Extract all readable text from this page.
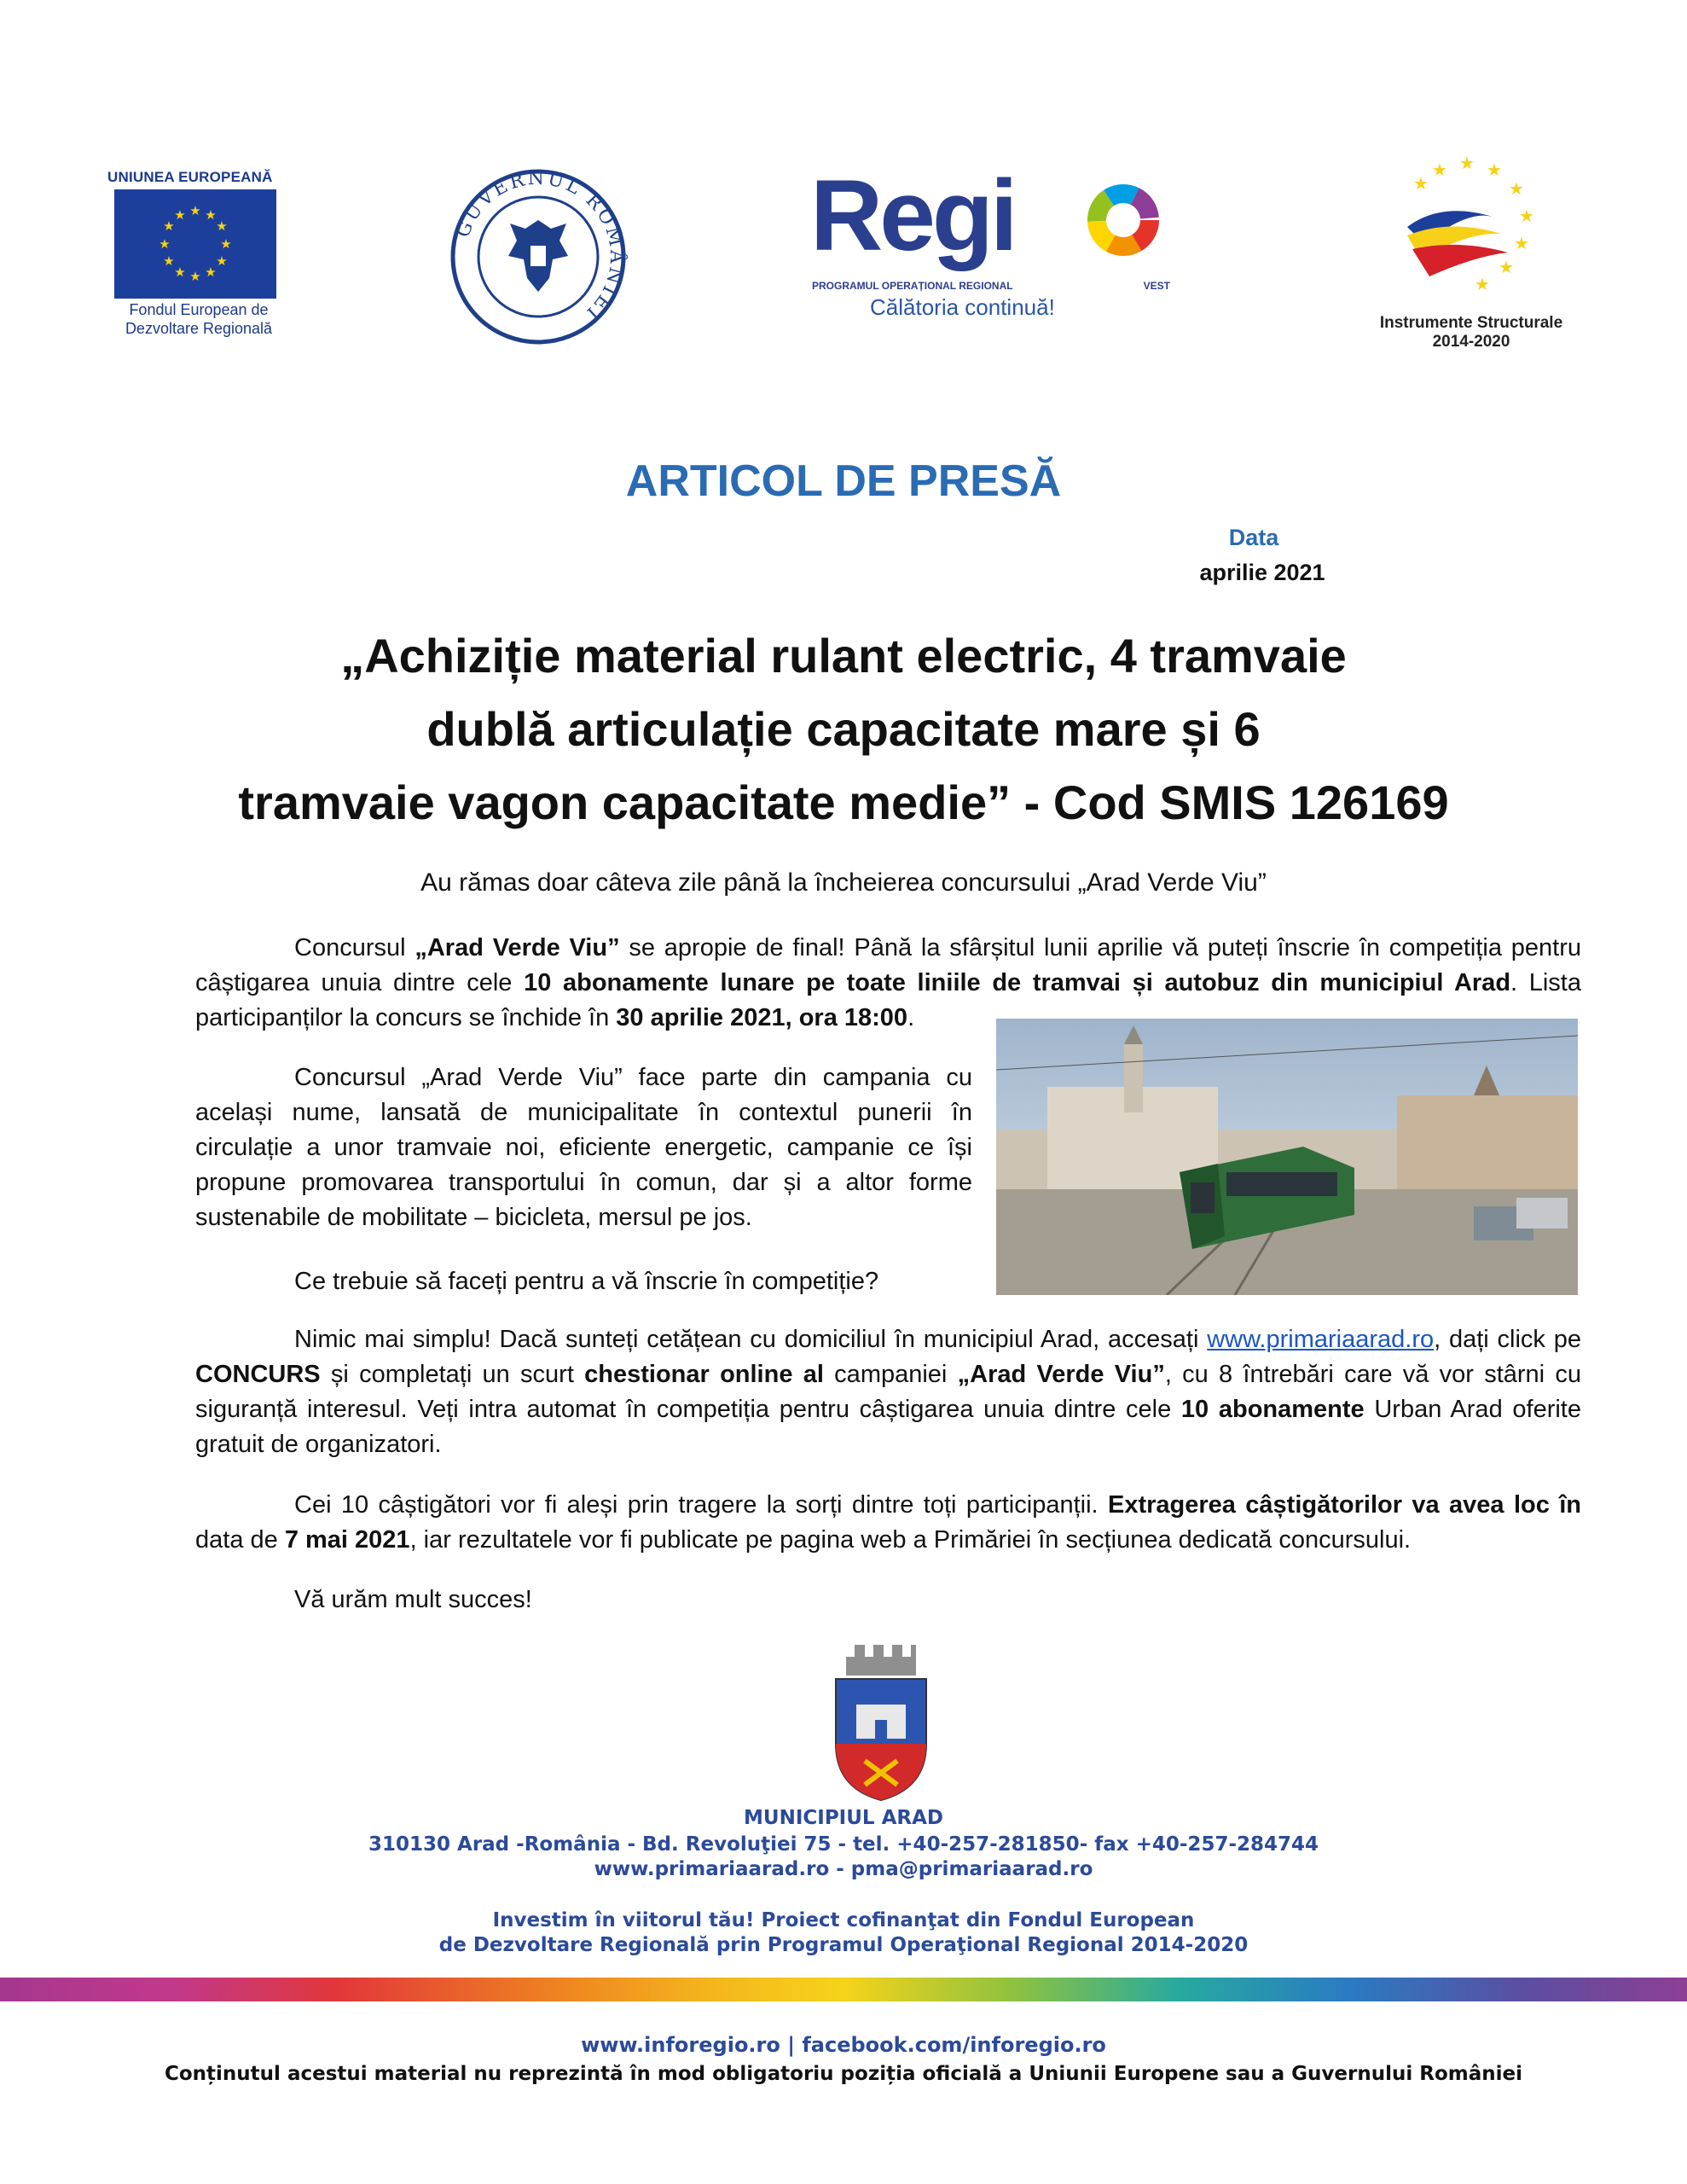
UNIUNEA EUROPEANĂ
★ ★
★
★
★
★
★
★
★
★
★
★
Fondul European de
Dezvoltare Regională
GUVERNUL ROMÂNIEI
Regi
PROGRAMUL OPERAȚIONAL REGIONAL	VEST
Călătoria continuă!
★ ★
★
★
★
★
★
★
★
Instrumente Structurale
2014-2020
ARTICOL DE PRESĂ
Data
aprilie 2021
„Achiziție material rulant electric, 4 tramvaie
dublă articulație capacitate mare și 6
tramvaie vagon capacitate medie” - Cod SMIS 126169
Au rămas doar câteva zile până la încheierea concursului „Arad Verde Viu”
Concursul „Arad Verde Viu” se apropie de final! Până la sfârșitul lunii aprilie vă puteți înscrie în competiția pentru câștigarea unuia dintre cele 10 abonamente lunare pe toate liniile de tramvai și autobuz din municipiul Arad. Lista participanților la concurs se închide în 30 aprilie 2021, ora 18:00.
Concursul „Arad Verde Viu” face parte din campania cu același nume, lansată de municipalitate în contextul punerii în circulație a unor tramvaie noi, eficiente energetic, campanie ce își propune promovarea transportului în comun, dar și a altor forme sustenabile de mobilitate – bicicleta, mersul pe jos.
Ce trebuie să faceți pentru a vă înscrie în competiție?
Nimic mai simplu! Dacă sunteți cetățean cu domiciliul în municipiul Arad, accesați www.primariaarad.ro, dați click pe CONCURS și completați un scurt chestionar online al campaniei „Arad Verde Viu”, cu 8 întrebări care vă vor stârni cu siguranță interesul. Veți intra automat în competiția pentru câștigarea unuia dintre cele 10 abonamente Urban Arad oferite gratuit de organizatori.
Cei 10 câștigători vor fi aleși prin tragere la sorți dintre toți participanții. Extragerea câștigătorilor va avea loc în data de 7 mai 2021, iar rezultatele vor fi publicate pe pagina web a Primăriei în secțiunea dedicată concursului.
Vă urăm mult succes!
MUNICIPIUL ARAD
310130 Arad -România - Bd. Revoluţiei 75 - tel. +40-257-281850- fax +40-257-284744
www.primariaarad.ro - pma@primariaarad.ro
Investim în viitorul tău! Proiect cofinanţat din Fondul European
de Dezvoltare Regională prin Programul Operaţional Regional 2014-2020
www.inforegio.ro | facebook.com/inforegio.ro
Conținutul acestui material nu reprezintă în mod obligatoriu poziția oficială a Uniunii Europene sau a Guvernului României
